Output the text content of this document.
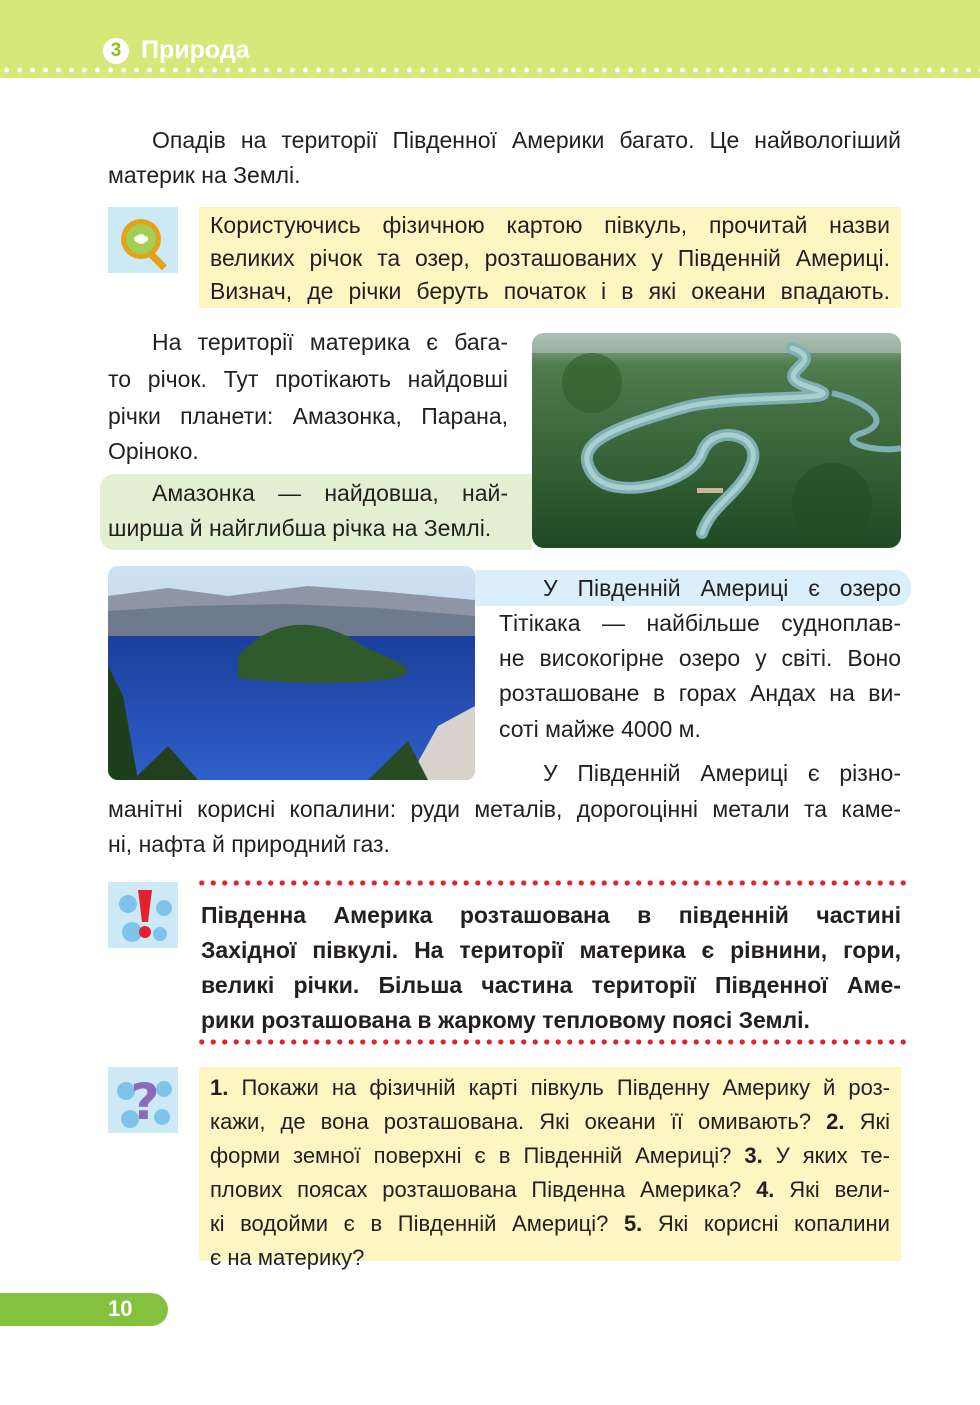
3 Природа
Опадів на території Південної Америки багато. Це найвологіший
материк на Землі.
Користуючись фізичною картою півкуль, прочитай назви
великих річок та озер, розташованих у Південній Америці.
Визнач, де річки беруть початок і в які океани впадають.
На території материка є бага-
то річок. Тут протікають найдовші
річки планети: Амазонка, Парана,
Оріноко.
Амазонка — найдовша, най-
ширша й найглибша річка на Землі.
У Південній Америці є озеро
Тітікака — найбільше судноплав-
не високогірне озеро у світі. Воно
розташоване в горах Андах на ви-
соті майже 4000 м.
У Південній Америці є різно-
манітні корисні копалини: руди металів, дорогоцінні метали та каме-
ні, нафта й природний газ.
Південна Америка розташована в південній частині
Західної півкулі. На території материка є рівнини, гори,
великі річки. Більша частина території Південної Аме-
рики розташована в жаркому тепловому поясі Землі.
? 1. Покажи на фізичній карті півкуль Південну Америку й роз-
кажи, де вона розташована. Які океани її омивають? 2. Які
форми земної поверхні є в Південній Америці? 3. У яких те-
плових поясах розташована Південна Америка? 4. Які вели-
кі водойми є в Південній Америці? 5. Які корисні копалини
є на материку?
10
